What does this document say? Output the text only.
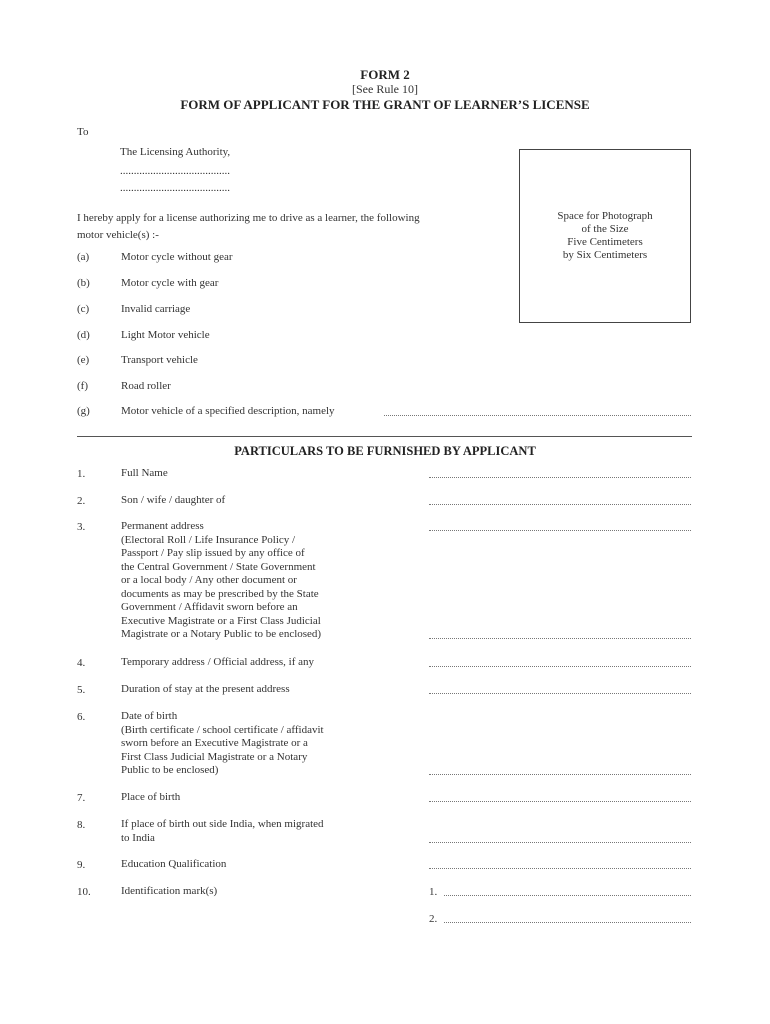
FORM 2
[See Rule 10]
FORM OF APPLICANT FOR THE GRANT OF LEARNER’S LICENSE
To
The Licensing Authority,
........................................
........................................
I hereby apply for a license authorizing me to drive as a learner, the following
motor vehicle(s) :-
Space for Photograph
of the Size
Five Centimeters
by Six Centimeters
(a)	Motor cycle without gear
(b)	Motor cycle with gear
(c)	Invalid carriage
(d)	Light Motor vehicle
(e)	Transport vehicle
(f)	Road roller
(g)	Motor vehicle of a specified description, namely
PARTICULARS TO BE FURNISHED BY APPLICANT
1.	Full Name
2.	Son / wife / daughter of
3.	Permanent address
(Electoral Roll / Life Insurance Policy /
Passport / Pay slip issued by any office of
the Central Government / State Government
or a local body / Any other document or
documents as may be prescribed by the State
Government / Affidavit sworn before an
Executive Magistrate or a First Class Judicial
Magistrate or a Notary Public to be enclosed)
4.	Temporary address / Official address, if any
5.	Duration of stay at the present address
6.	Date of birth
(Birth certificate / school certificate / affidavit
sworn before an Executive Magistrate or a
First Class Judicial Magistrate or a Notary
Public to be enclosed)
7.	Place of birth
8.	If place of birth out side India, when migrated
to India
9.	Education Qualification
10.	Identification mark(s)	1.
2.
